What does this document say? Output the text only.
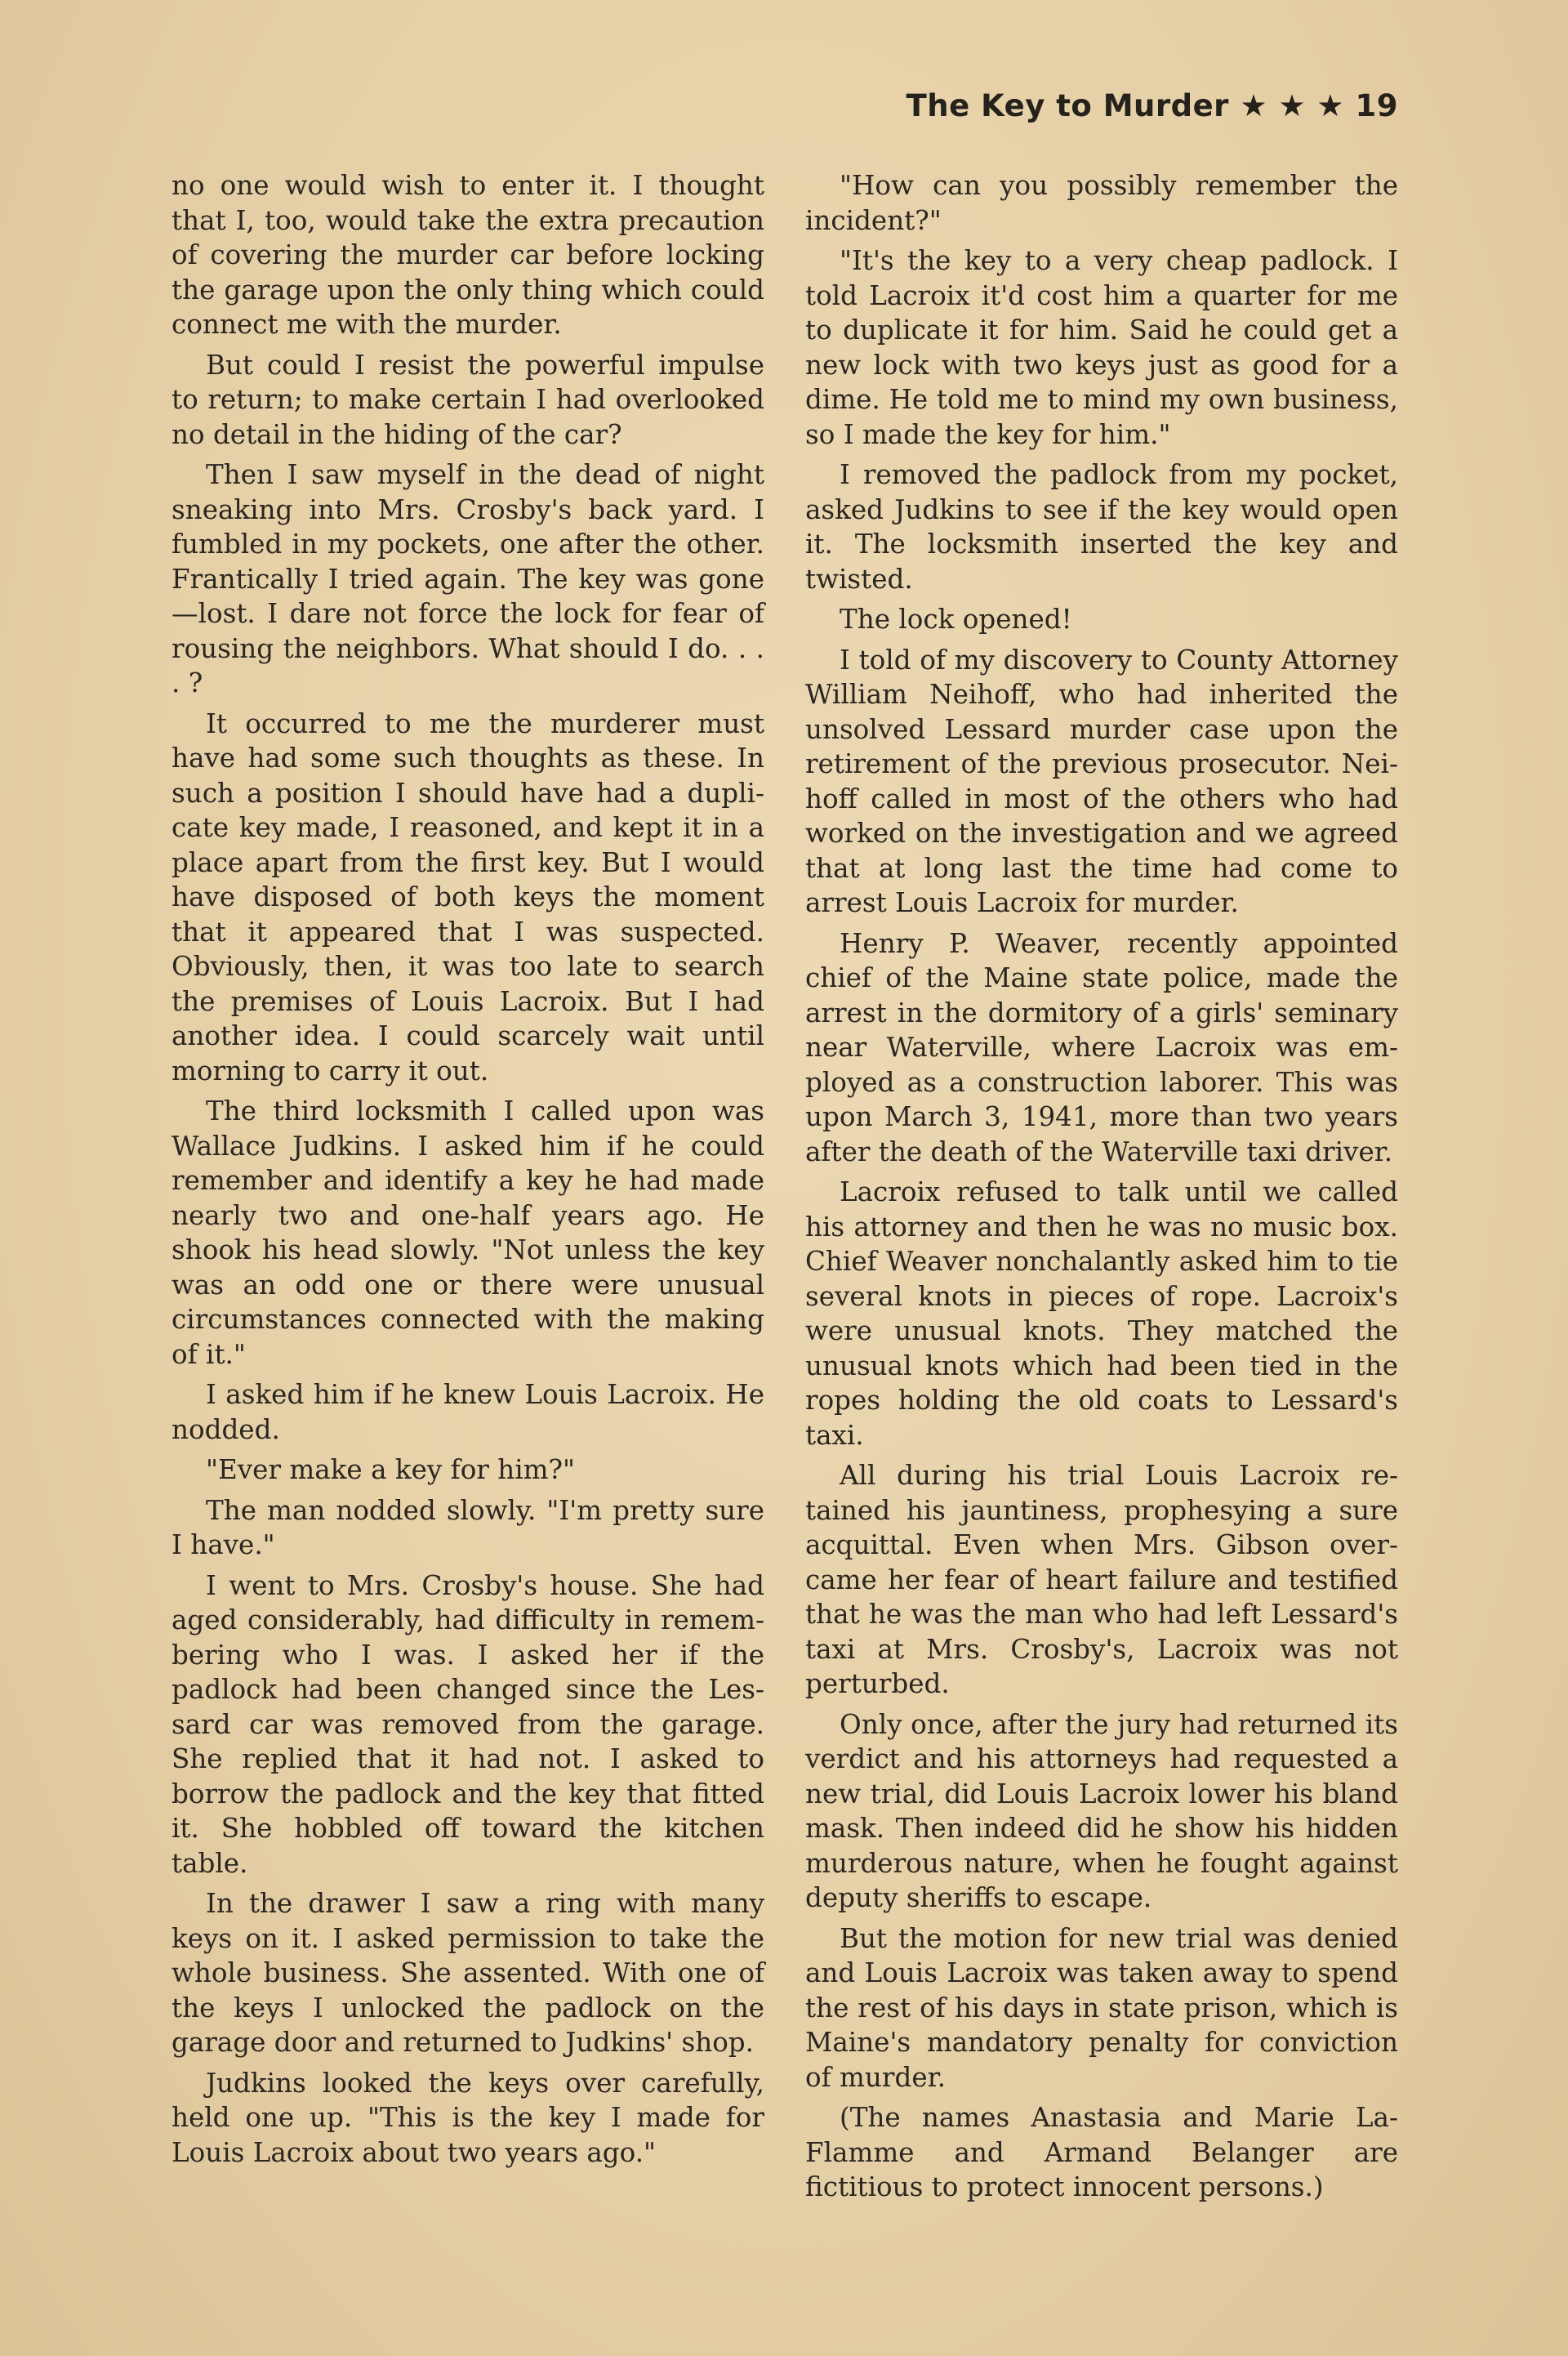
The Key to Murder ★ ★ ★ 19

no one would wish to enter it. I thought that I, too, would take the extra precaution of covering the murder car before locking the garage upon the only thing which could connect me with the murder.

But could I resist the powerful impulse to return; to make certain I had overlooked no detail in the hiding of the car?

Then I saw myself in the dead of night sneaking into Mrs. Crosby's back yard. I fumbled in my pockets, one after the other. Frantically I tried again. The key was gone—lost. I dare not force the lock for fear of rousing the neighbors. What should I do. . . . ?

It occurred to me the murderer must have had some such thoughts as these. In such a position I should have had a duplicate key made, I reasoned, and kept it in a place apart from the first key. But I would have disposed of both keys the moment that it appeared that I was suspected. Obviously, then, it was too late to search the premises of Louis Lacroix. But I had another idea. I could scarcely wait until morning to carry it out.

The third locksmith I called upon was Wallace Judkins. I asked him if he could remember and identify a key he had made nearly two and one-half years ago. He shook his head slowly. "Not unless the key was an odd one or there were unusual circumstances connected with the making of it."

I asked him if he knew Louis Lacroix. He nodded.

"Ever make a key for him?"

The man nodded slowly. "I'm pretty sure I have."

I went to Mrs. Crosby's house. She had aged considerably, had difficulty in remembering who I was. I asked her if the padlock had been changed since the Lessard car was removed from the garage. She replied that it had not. I asked to borrow the padlock and the key that fitted it. She hobbled off toward the kitchen table.

In the drawer I saw a ring with many keys on it. I asked permission to take the whole business. She assented. With one of the keys I unlocked the padlock on the garage door and returned to Judkins' shop.

Judkins looked the keys over carefully, held one up. "This is the key I made for Louis Lacroix about two years ago."

"How can you possibly remember the incident?"

"It's the key to a very cheap padlock. I told Lacroix it'd cost him a quarter for me to duplicate it for him. Said he could get a new lock with two keys just as good for a dime. He told me to mind my own business, so I made the key for him."

I removed the padlock from my pocket, asked Judkins to see if the key would open it. The locksmith inserted the key and twisted.

The lock opened!

I told of my discovery to County Attorney William Neihoff, who had inherited the unsolved Lessard murder case upon the retirement of the previous prosecutor. Neihoff called in most of the others who had worked on the investigation and we agreed that at long last the time had come to arrest Louis Lacroix for murder.

Henry P. Weaver, recently appointed chief of the Maine state police, made the arrest in the dormitory of a girls' seminary near Waterville, where Lacroix was employed as a construction laborer. This was upon March 3, 1941, more than two years after the death of the Waterville taxi driver.

Lacroix refused to talk until we called his attorney and then he was no music box. Chief Weaver nonchalantly asked him to tie several knots in pieces of rope. Lacroix's were unusual knots. They matched the unusual knots which had been tied in the ropes holding the old coats to Lessard's taxi.

All during his trial Louis Lacroix retained his jauntiness, prophesying a sure acquittal. Even when Mrs. Gibson overcame her fear of heart failure and testified that he was the man who had left Lessard's taxi at Mrs. Crosby's, Lacroix was not perturbed.

Only once, after the jury had returned its verdict and his attorneys had requested a new trial, did Louis Lacroix lower his bland mask. Then indeed did he show his hidden murderous nature, when he fought against deputy sheriffs to escape.

But the motion for new trial was denied and Louis Lacroix was taken away to spend the rest of his days in state prison, which is Maine's mandatory penalty for conviction of murder.

(The names Anastasia and Marie LaFlamme and Armand Belanger are fictitious to protect innocent persons.)
